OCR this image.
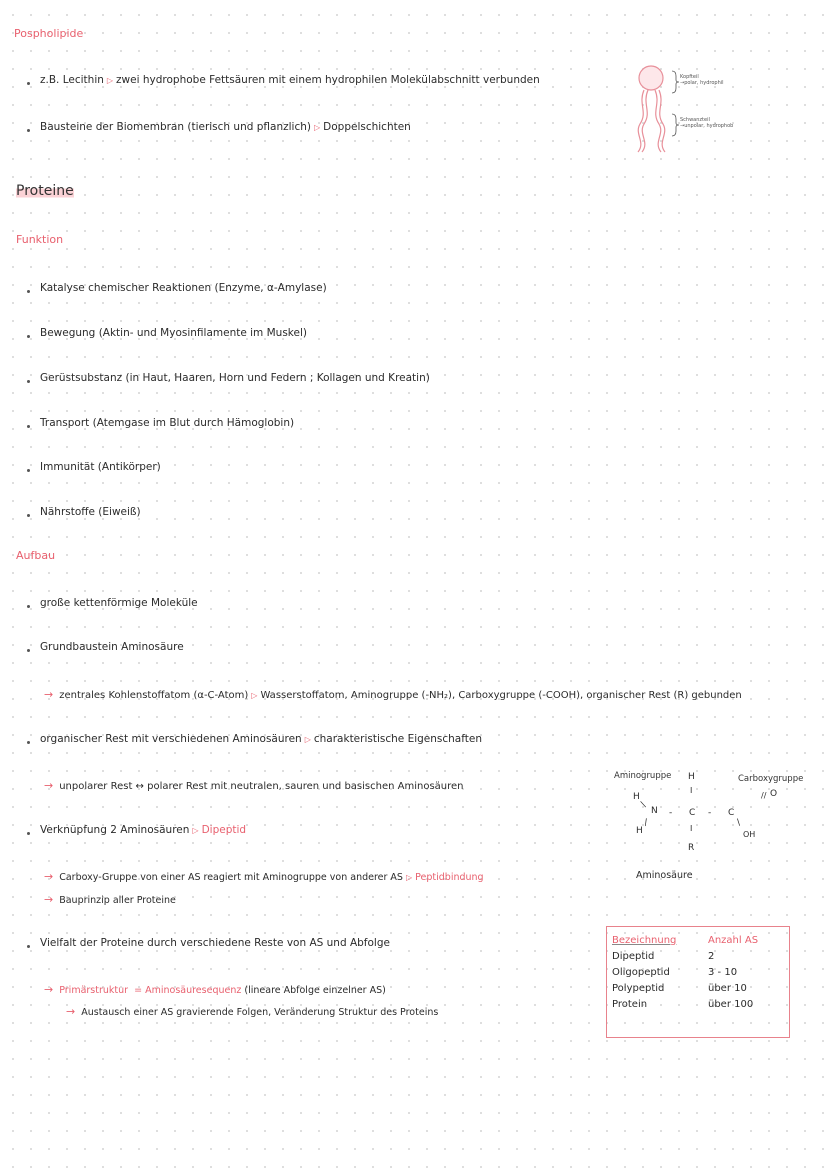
Pospholipide
z.B. Lecithin ▷ zwei hydrophobe Fettsäuren mit einem hydrophilen Molekülabschnitt verbunden
Bausteine der Biomembran (tierisch und pflanzlich) ▷ Doppelschichten
Kopfteil
→polar, hydrophil
Schwanzteil
→unpolar, hydrophob
Proteine
Funktion
Katalyse chemischer Reaktionen (Enzyme, α-Amylase)
Bewegung (Aktin- und Myosinfilamente im Muskel)
Gerüstsubstanz (in Haut, Haaren, Horn und Federn ; Kollagen und Kreatin)
Transport (Atemgase im Blut durch Hämoglobin)
Immunität (Antikörper)
Nährstoffe (Eiweiß)
Aufbau
große kettenförmige Moleküle
Grundbaustein Aminosäure
→ zentrales Kohlenstoffatom (α-C-Atom) ▷ Wasserstoffatom, Aminogruppe (-NH₂), Carboxygruppe (-COOH), organischer Rest (R) gebunden
organischer Rest mit verschiedenen Aminosäuren ▷ charakteristische Eigenschaften
→ unpolarer Rest ↔ polarer Rest mit neutralen, sauren und basischen Aminosäuren
Verknüpfung 2 Aminosäuren ▷ Dipeptid
→ Carboxy-Gruppe von einer AS reagiert mit Aminogruppe von anderer AS ▷ Peptidbindung
→ Bauprinzip aller Proteine
Vielfalt der Proteine durch verschiedene Reste von AS und Abfolge
→ Primärstruktur = Aminosäuresequenz (lineare Abfolge einzelner AS)
→ Austausch einer AS gravierende Folgen, Veränderung Struktur des Proteins
Aminogruppe	Carboxygruppe
H
I
H
\
// O
N - C - C
H
\
I
\
OH
R
Aminosäure
Bezeichnung	Anzahl AS
Dipeptid	2
Oligopeptid	3 - 10
Polypeptid	über 10
Protein	über 100
